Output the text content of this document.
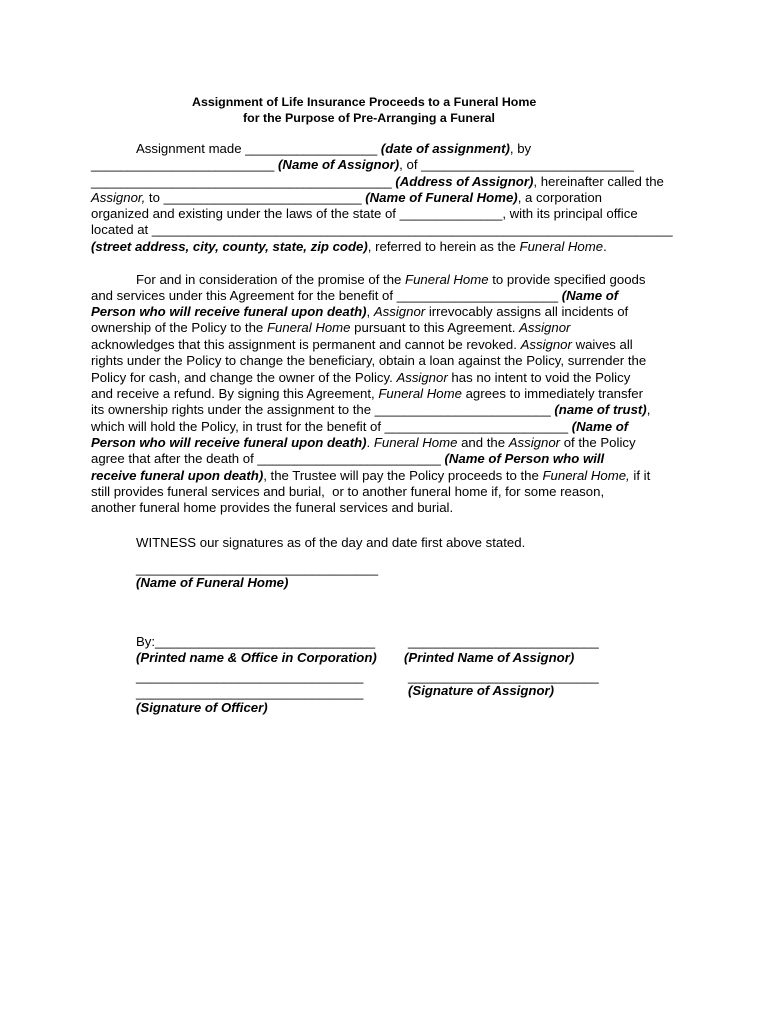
Assignment of Life Insurance Proceeds to a Funeral Home
for the Purpose of Pre-Arranging a Funeral
Assignment made __________________ (date of assignment), by
_________________________ (Name of Assignor), of _____________________________
_________________________________________ (Address of Assignor), hereinafter called the
Assignor, to ___________________________ (Name of Funeral Home), a corporation
organized and existing under the laws of the state of ______________, with its principal office
located at _______________________________________________________________________
(street address, city, county, state, zip code), referred to herein as the Funeral Home.
For and in consideration of the promise of the Funeral Home to provide specified goods
and services under this Agreement for the benefit of ______________________ (Name of
Person who will receive funeral upon death), Assignor irrevocably assigns all incidents of
ownership of the Policy to the Funeral Home pursuant to this Agreement. Assignor
acknowledges that this assignment is permanent and cannot be revoked. Assignor waives all
rights under the Policy to change the beneficiary, obtain a loan against the Policy, surrender the
Policy for cash, and change the owner of the Policy. Assignor has no intent to void the Policy
and receive a refund. By signing this Agreement, Funeral Home agrees to immediately transfer
its ownership rights under the assignment to the ________________________ (name of trust),
which will hold the Policy, in trust for the benefit of _________________________ (Name of
Person who will receive funeral upon death). Funeral Home and the Assignor of the Policy
agree that after the death of _________________________ (Name of Person who will
receive funeral upon death), the Trustee will pay the Policy proceeds to the Funeral Home, if it
still provides funeral services and burial,  or to another funeral home if, for some reason,
another funeral home provides the funeral services and burial.
WITNESS our signatures as of the day and date first above stated.
_________________________________
(Name of Funeral Home)
By:______________________________ __________________________
(Printed name & Office in Corporation) (Printed Name of Assignor)
_______________________________	__________________________
_______________________________	(Signature of Assignor)
(Signature of Officer)
